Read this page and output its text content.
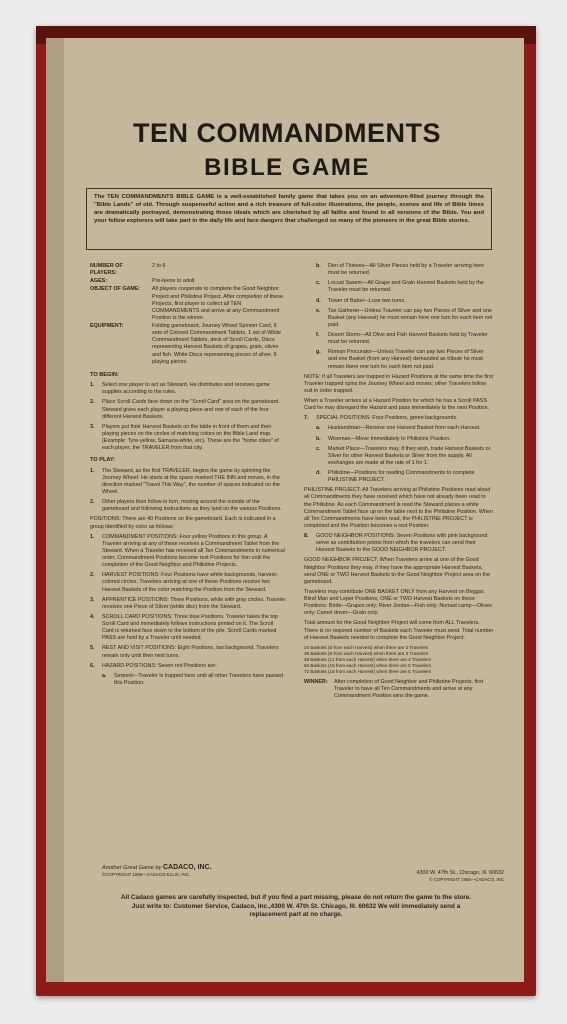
TEN COMMANDMENTS
BIBLE GAME
The TEN COMMANDMENTS BIBLE GAME is a well-established family game that takes you on an adventure-filled journey through the "Bible Lands" of old. Through suspenseful action and a rich treasure of full-color illustrations, the people, scenes and life of Bible times are dramatically portrayed, demonstrating those ideals which are cherished by all faiths and found in all versions of the Bible. You and your fellow explorers will take part in the daily life and face dangers that challenged so many of the pioneers in the great Bible stories.
NUMBER OF PLAYERS:
2 to 6
AGES:	Pre-teens to adult
OBJECT OF GAME:	All players cooperate to complete the Good Neighbor Project and Philistine Project. After completion of these Projects, first player to collect all TEN COMMANDMENTS and arrive at any Commandment Position is the winner.
EQUIPMENT:	Folding gameboard, Journey Wheel Spinner Card, 6 sets of Colored Commandment Tablets, 1 set of White Commandment Tablets, deck of Scroll Cards, Discs representing Harvest Baskets of grapes, grain, olives and fish. White Discs representing pieces of silver, 6 playing pieces.
TO BEGIN:
1.	Select one player to act as Steward. He distributes and receives game supplies according to the rules.
2.	Place Scroll Cards face down on the "Scroll Card" area on the gameboard. Steward gives each player a playing piece and one of each of the four different Harvest Baskets.
3.	Players put their Harvest Baskets on the table in front of them and their playing pieces on the circles of matching colors on the Bible Land map. (Example: Tyre-yellow, Samaria-white, etc). These are the "home cities" of each player, the TRAVELER from that city.
TO PLAY:
1.	The Steward, as the first TRAVELER, begins the game by spinning the Journey Wheel. He starts at the space marked THE INN and moves, in the direction marked "Travel This Way", the number of spaces indicated on the Wheel.
2.	Other players then follow in turn, moving around the outside of the gameboard and following instructions as they land on the various Positions.
POSITIONS: There are 40 Positions on the gameboard. Each is indicated in a group identified by color as follows:
1.	COMMANDMENT POSITIONS: Four yellow Positions in this group. A Traveler arriving at any of these receives a Commandment Tablet from the Steward. When a Traveler has received all Ten Commandments in numerical order, Commandment Positions become rest Positions for him until the completion of the Good Neighbor and Philistine Projects.
2.	HARVEST POSITIONS: Four Positions have white backgrounds, harvest-colored circles. Travelers arriving at one of these Positions receive two Harvest Baskets of the color matching the Position from the Steward.
3.	APPRENTICE POSITIONS: Three Positions, white with gray circles. Traveler receives one Piece of Silver (white disc) from the Steward.
4.	SCROLL CARD POSITIONS: Three blue Positions. Traveler takes the top Scroll Card and immediately follows instructions printed on it. The Scroll Card is returned face down to the bottom of the pile. Scroll Cards marked PASS are held by a Traveler until needed.
5.	REST AND VISIT POSITIONS: Eight Positions, tan background. Travelers remain only until their next turns.
6.	HAZARD POSITIONS: Seven red Positions are:
a.	Serpent—Traveler is trapped here until all other Travelers have passed this Position.
b.	Den of Thieves—All Silver Pieces held by a Traveler arriving here must be returned.
c.	Locust Swarm—All Grape and Grain Harvest Baskets held by the Traveler must be returned.
d.	Tower of Babel—Lose two turns.
e.	Tax Gatherer—Unless Traveler can pay two Pieces of Silver and one Basket (any Harvest) he must remain here one turn for each item not paid.
f.	Desert Storm—All Olive and Fish Harvest Baskets held by Traveler must be returned.
g.	Roman Procurator—Unless Traveler can pay two Pieces of Silver and one Basket (from any Harvest) demanded as tribute he must remain there one turn for each item not paid.
NOTE: If all Travelers are trapped in Hazard Positions at the same time the first Traveler trapped spins the Journey Wheel and moves; other Travelers follow suit in order trapped.
When a Traveler arrives at a Hazard Position for which he has a Scroll PASS Card he may disregard the Hazard and pass immediately to the next Position.
7.	SPECIAL POSITIONS: Four Positions, green backgrounds.
a.	Husbandman—Receive one Harvest Basket from each Harvest.
b.	Wiseman—Move Immediately to Philistine Position.
c.	Market Place—Travelers may, if they wish, trade Harvest Baskets or Silver for other Harvest Baskets or Silver from the supply. All exchanges are made at the rate of 1 for 1.
d.	Philistine—Positions for reading Commandments to complete PHILISTINE PROJECT.
PHILISTINE PROJECT: All Travelers arriving at Philistine Positions read aloud all Commandments they have received which have not already been read to the Philistine. As each Commandment is read the Steward places a white Commandment Tablet face up on the table next to the Philistine Position. When all Ten Commandments have been read, the PHILISTINE PROJECT is completed and the Position becomes a rest Position.
8.	GOOD NEIGHBOR POSITIONS: Seven Positions with pink background serve as contribution points from which the travelers can send their Harvest Baskets to the GOOD NEIGHBOR PROJECT.
GOOD NEIGHBOR PROJECT: When Travelers arrive at one of the Good Neighbor Positions they may, if they have the appropriate Harvest Baskets, send ONE or TWO Harvest Baskets to the Good Neighbor Project area on the gameboard.
Travelers may contribute ONE BASKET ONLY from any Harvest on Beggar, Blind Man and Leper Positions; ONE or TWO Harvest Baskets on these Positions: Bride—Grapes only; River Jordan—Fish only; Nomad camp—Olives only; Camel driver—Grain only.
Total amount for the Good Neighbor Project will come from ALL Travelers. There is no required number of Baskets each Traveler must send. Total number of Harvest Baskets needed to complete the Good Neighbor Project:
24 Baskets (6 from each Harvest) when there are 2 Travelers
36 Baskets (9 from each Harvest) when there are 3 Travelers
48 Baskets (12 from each Harvest) when there are 4 Travelers
60 Baskets (15 from each Harvest) when there are 5 Travelers
72 Baskets (18 from each Harvest) when there are 6 Travelers
WINNER:	After completion of Good Neighbor and Philistine Projects, first Traveler to have all Ten Commandments and arrive at any Commandment Position wins the game.
Another Great Game by CADACO, INC.
©COPYRIGHT 1966—CADACO-ELLIS, INC.	4300 W. 47th St., Chicago, Ill. 60632
© COPYRIGHT 1966—CADACO, INC
All Cadaco games are carefully inspected, but if you find a part missing, please do not return the game to the store. Just write to: Customer Service, Cadaco, Inc.,4300 W. 47th St. Chicago, Ill. 60632 We will immediately send a replacement part at no charge.
